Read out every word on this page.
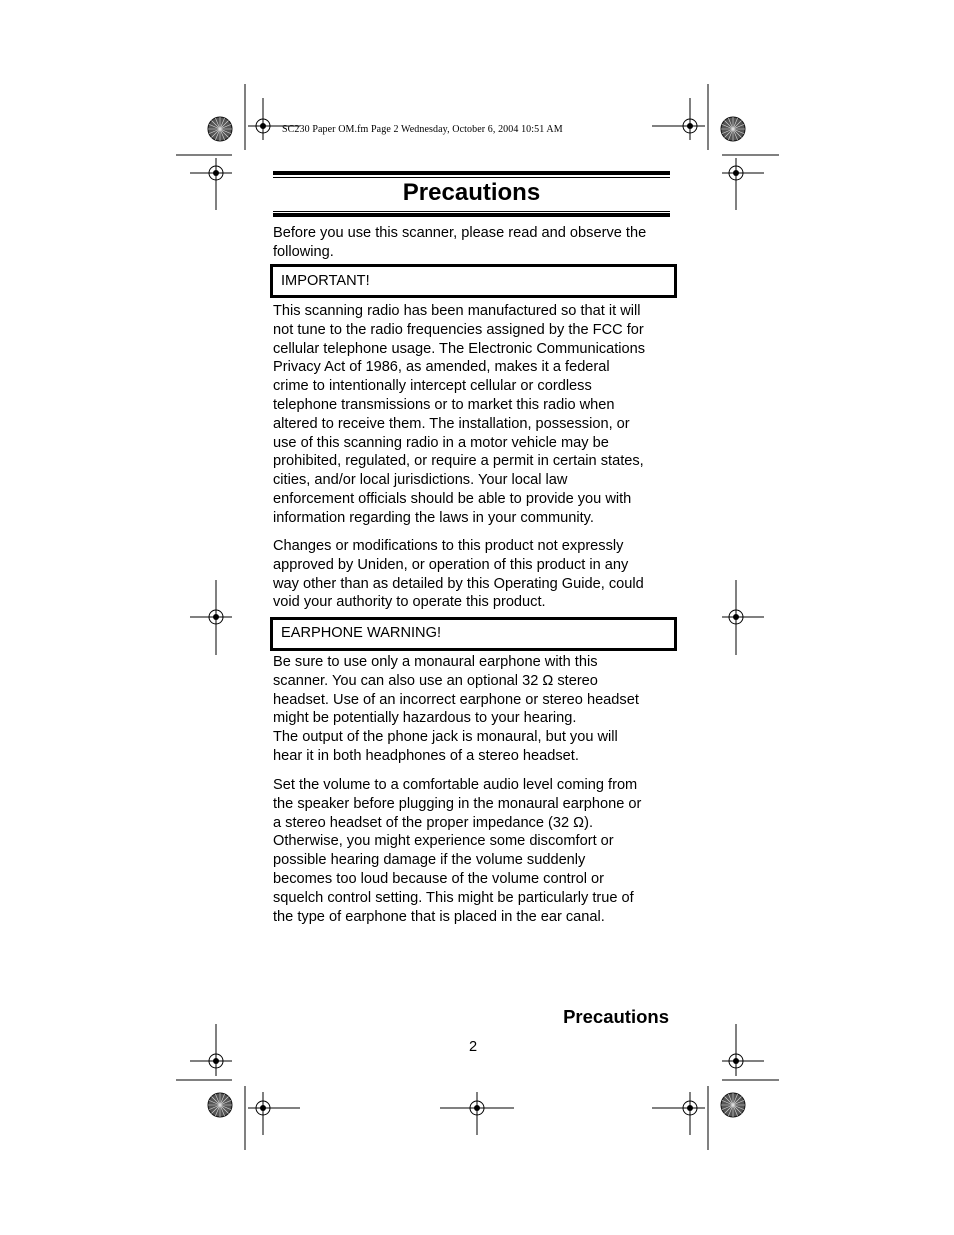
SC230 Paper OM.fm Page 2 Wednesday, October 6, 2004 10:51 AM
Precautions
Before you use this scanner, please read and observe the
following.
IMPORTANT!
This scanning radio has been manufactured so that it will
not tune to the radio frequencies assigned by the FCC for
cellular telephone usage. The Electronic Communications
Privacy Act of 1986, as amended, makes it a federal
crime to intentionally intercept cellular or cordless
telephone transmissions or to market this radio when
altered to receive them. The installation, possession, or
use of this scanning radio in a motor vehicle may be
prohibited, regulated, or require a permit in certain states,
cities, and/or local jurisdictions. Your local law
enforcement officials should be able to provide you with
information regarding the laws in your community.
Changes or modifications to this product not expressly
approved by Uniden, or operation of this product in any
way other than as detailed by this Operating Guide, could
void your authority to operate this product.
EARPHONE WARNING!
Be sure to use only a monaural earphone with this
scanner. You can also use an optional 32 Ω stereo
headset. Use of an incorrect earphone or stereo headset
might be potentially hazardous to your hearing.
The output of the phone jack is monaural, but you will
hear it in both headphones of a stereo headset.
Set the volume to a comfortable audio level coming from
the speaker before plugging in the monaural earphone or
a stereo headset of the proper impedance (32 Ω).
Otherwise, you might experience some discomfort or
possible hearing damage if the volume suddenly
becomes too loud because of the volume control or
squelch control setting. This might be particularly true of
the type of earphone that is placed in the ear canal.
Precautions
2
